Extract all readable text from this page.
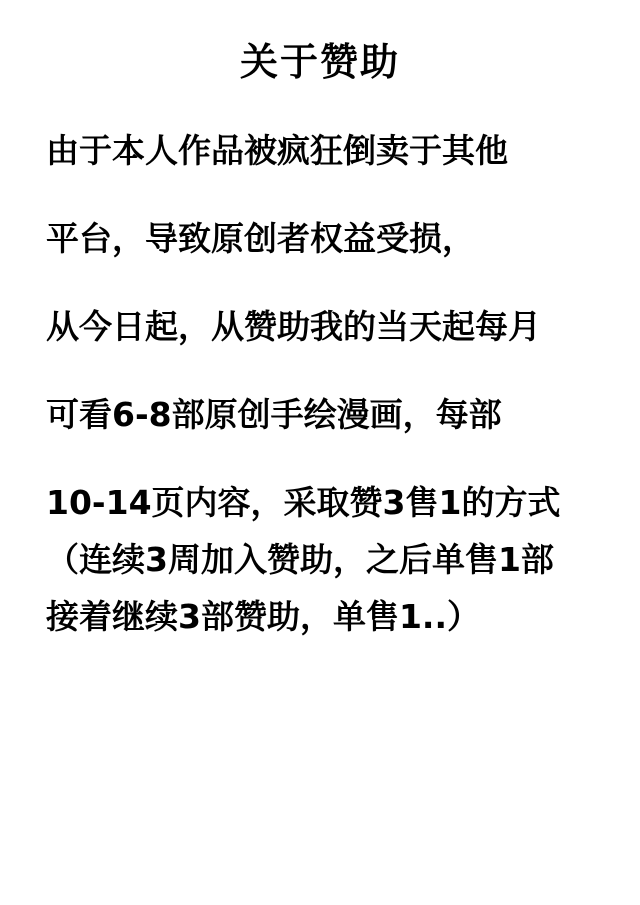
关于赞助
由于本人作品被疯狂倒卖于其他
平台，导致原创者权益受损，
从今日起，从赞助我的当天起每月
可看6-8部原创手绘漫画，每部
10-14页内容，采取赞3售1的方式
（连续3周加入赞助，之后单售1部
接着继续3部赞助，单售1..）
